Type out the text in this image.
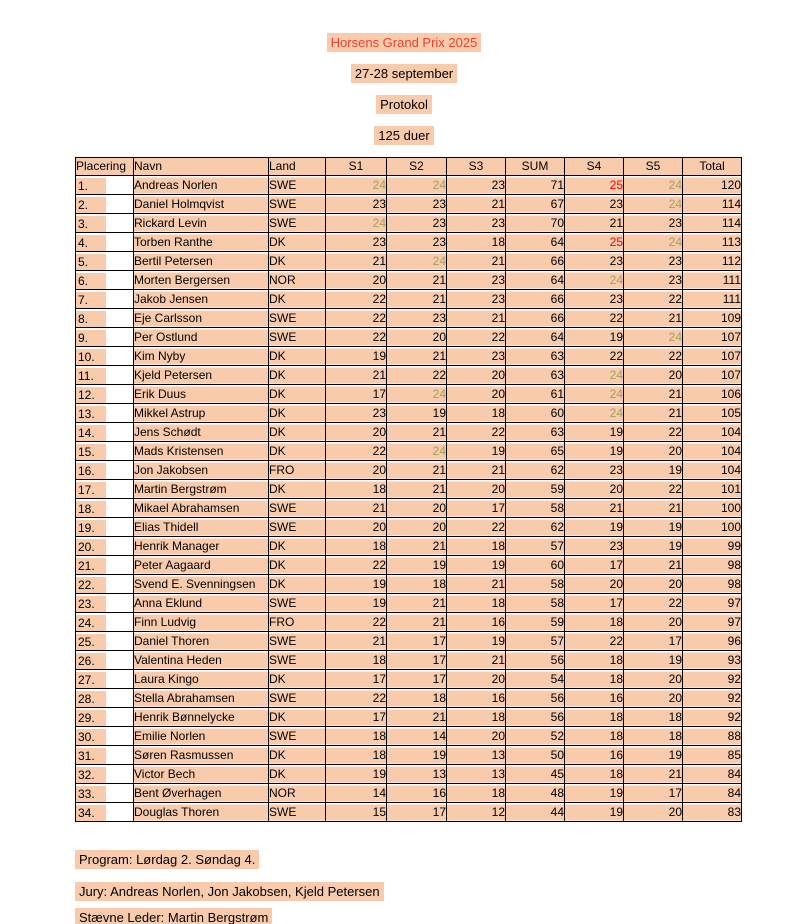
Horsens Grand Prix 2025
27-28 september
Protokol
125 duer
Placering	Navn	Land	S1	S2	S3	SUM	S4	S5	Total
1.	Andreas Norlen	SWE	24	24	23	71	25	24	120
2.	Daniel Holmqvist	SWE	23	23	21	67	23	24	114
3.	Rickard Levin	SWE	24	23	23	70	21	23	114
4.	Torben Ranthe	DK	23	23	18	64	25	24	113
5.	Bertil Petersen	DK	21	24	21	66	23	23	112
6.	Morten Bergersen	NOR	20	21	23	64	24	23	111
7.	Jakob Jensen	DK	22	21	23	66	23	22	111
8.	Eje Carlsson	SWE	22	23	21	66	22	21	109
9.	Per Ostlund	SWE	22	20	22	64	19	24	107
10.	Kim Nyby	DK	19	21	23	63	22	22	107
11.	Kjeld Petersen	DK	21	22	20	63	24	20	107
12.	Erik Duus	DK	17	24	20	61	24	21	106
13.	Mikkel Astrup	DK	23	19	18	60	24	21	105
14.	Jens Schødt	DK	20	21	22	63	19	22	104
15.	Mads Kristensen	DK	22	24	19	65	19	20	104
16.	Jon Jakobsen	FRO	20	21	21	62	23	19	104
17.	Martin Bergstrøm	DK	18	21	20	59	20	22	101
18.	Mikael Abrahamsen	SWE	21	20	17	58	21	21	100
19.	Elias Thidell	SWE	20	20	22	62	19	19	100
20.	Henrik Manager	DK	18	21	18	57	23	19	99
21.	Peter Aagaard	DK	22	19	19	60	17	21	98
22.	Svend E. Svenningsen	DK	19	18	21	58	20	20	98
23.	Anna Eklund	SWE	19	21	18	58	17	22	97
24.	Finn Ludvig	FRO	22	21	16	59	18	20	97
25.	Daniel Thoren	SWE	21	17	19	57	22	17	96
26.	Valentina Heden	SWE	18	17	21	56	18	19	93
27.	Laura Kingo	DK	17	17	20	54	18	20	92
28.	Stella Abrahamsen	SWE	22	18	16	56	16	20	92
29.	Henrik Bønnelycke	DK	17	21	18	56	18	18	92
30.	Emilie Norlen	SWE	18	14	20	52	18	18	88
31.	Søren Rasmussen	DK	18	19	13	50	16	19	85
32.	Victor Bech	DK	19	13	13	45	18	21	84
33.	Bent Øverhagen	NOR	14	16	18	48	19	17	84
34.	Douglas Thoren	SWE	15	17	12	44	19	20	83
Program: Lørdag 2. Søndag 4.
Jury: Andreas Norlen, Jon Jakobsen, Kjeld Petersen
Stævne Leder: Martin Bergstrøm
